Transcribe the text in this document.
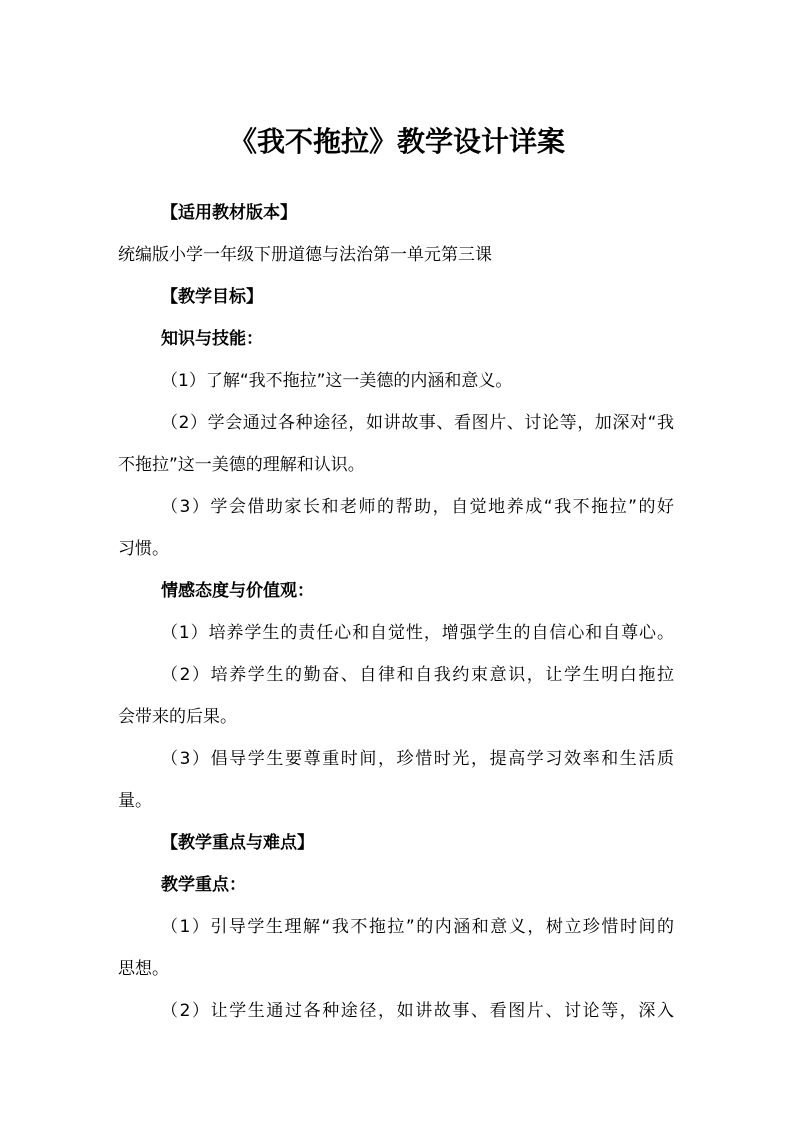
《我不拖拉》教学设计详案
【适用教材版本】
统编版小学一年级下册道德与法治第一单元第三课
【教学目标】
知识与技能：
（1）了解“我不拖拉”这一美德的内涵和意义。
（2）学会通过各种途径，如讲故事、看图片、讨论等，加深对“我
不拖拉”这一美德的理解和认识。
（3）学会借助家长和老师的帮助，自觉地养成“我不拖拉”的好
习惯。
情感态度与价值观：
（1）培养学生的责任心和自觉性，增强学生的自信心和自尊心。
（2）培养学生的勤奋、自律和自我约束意识，让学生明白拖拉
会带来的后果。
（3）倡导学生要尊重时间，珍惜时光，提高学习效率和生活质
量。
【教学重点与难点】
教学重点：
（1）引导学生理解“我不拖拉”的内涵和意义，树立珍惜时间的
思想。
（2）让学生通过各种途径，如讲故事、看图片、讨论等，深入
